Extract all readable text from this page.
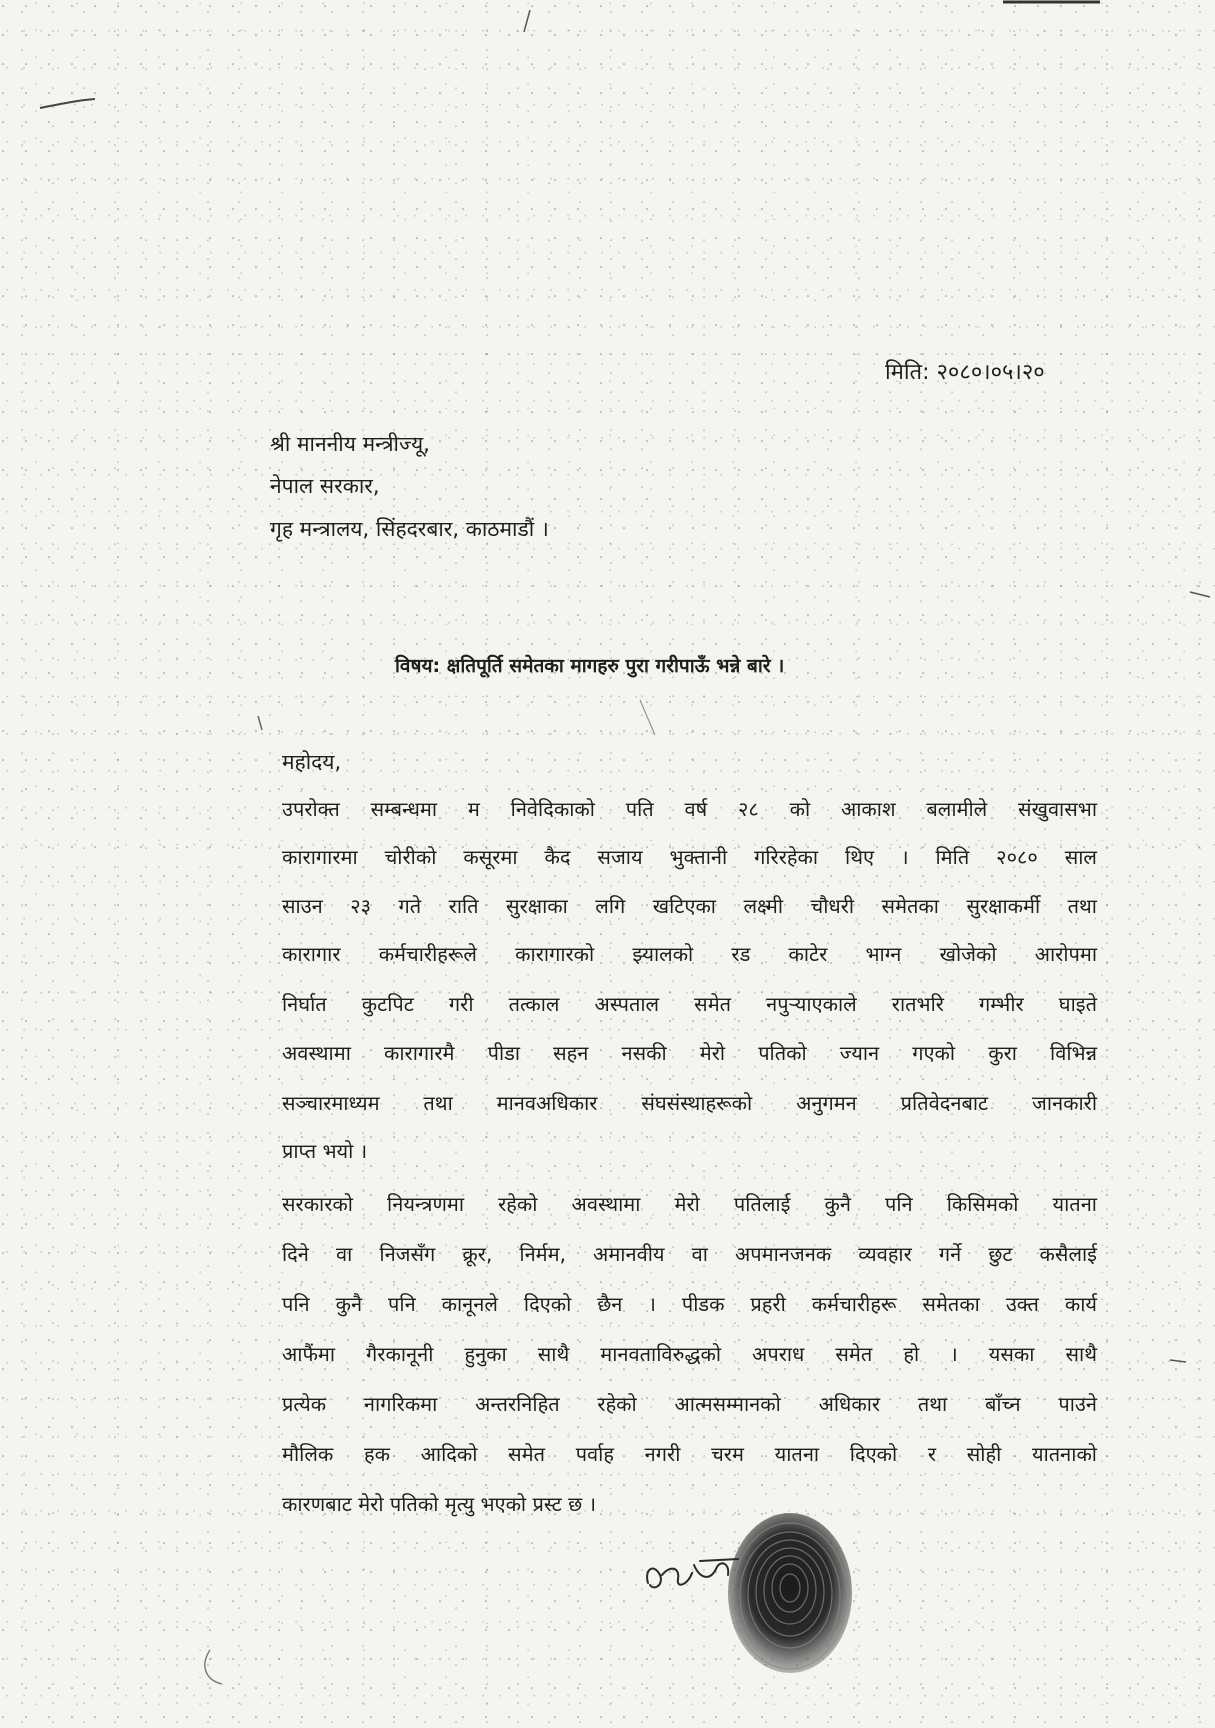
मिति: २०८०।०५।२०
श्री माननीय मन्त्रीज्यू,
नेपाल सरकार,
गृह मन्त्रालय, सिंहदरबार, काठमाडौं ।
विषय: क्षतिपूर्ति समेतका मागहरु पुरा गरीपाऊँ भन्ने बारे ।
महोदय,

उपरोक्त सम्बन्धमा म निवेदिकाको पति वर्ष २८ को आकाश बलामीले संखुवासभा

कारागारमा चोरीको कसूरमा कैद सजाय भुक्तानी गरिरहेका थिए । मिति २०८० साल

साउन २३ गते राति सुरक्षाका लगि खटिएका लक्ष्मी चौधरी समेतका सुरक्षाकर्मी तथा

कारागार कर्मचारीहरूले कारागारको झ्यालको रड काटेर भाग्न खोजेको आरोपमा

निर्घात कुटपिट गरी तत्काल अस्पताल समेत नपुऱ्याएकाले रातभरि गम्भीर घाइते

अवस्थामा कारागारमै पीडा सहन नसकी मेरो पतिको ज्यान गएको कुरा विभिन्न

सञ्चारमाध्यम तथा मानवअधिकार संघसंस्थाहरूको अनुगमन प्रतिवेदनबाट जानकारी

प्राप्त भयो ।

सरकारको नियन्त्रणमा रहेको अवस्थामा मेरो पतिलाई कुनै पनि किसिमको यातना

दिने वा निजसँग क्रूर, निर्मम, अमानवीय वा अपमानजनक व्यवहार गर्ने छुट कसैलाई

पनि कुनै पनि कानूनले दिएको छैन । पीडक प्रहरी कर्मचारीहरू समेतका उक्त कार्य

आफैंमा गैरकानूनी हुनुका साथै मानवताविरुद्धको अपराध समेत हो । यसका साथै

प्रत्येक नागरिकमा अन्तरनिहित रहेको आत्मसम्मानको अधिकार तथा बाँच्न पाउने

मौलिक हक आदिको समेत पर्वाह नगरी चरम यातना दिएको र सोही यातनाको

कारणबाट मेरो पतिको मृत्यु भएको प्रस्ट छ ।
